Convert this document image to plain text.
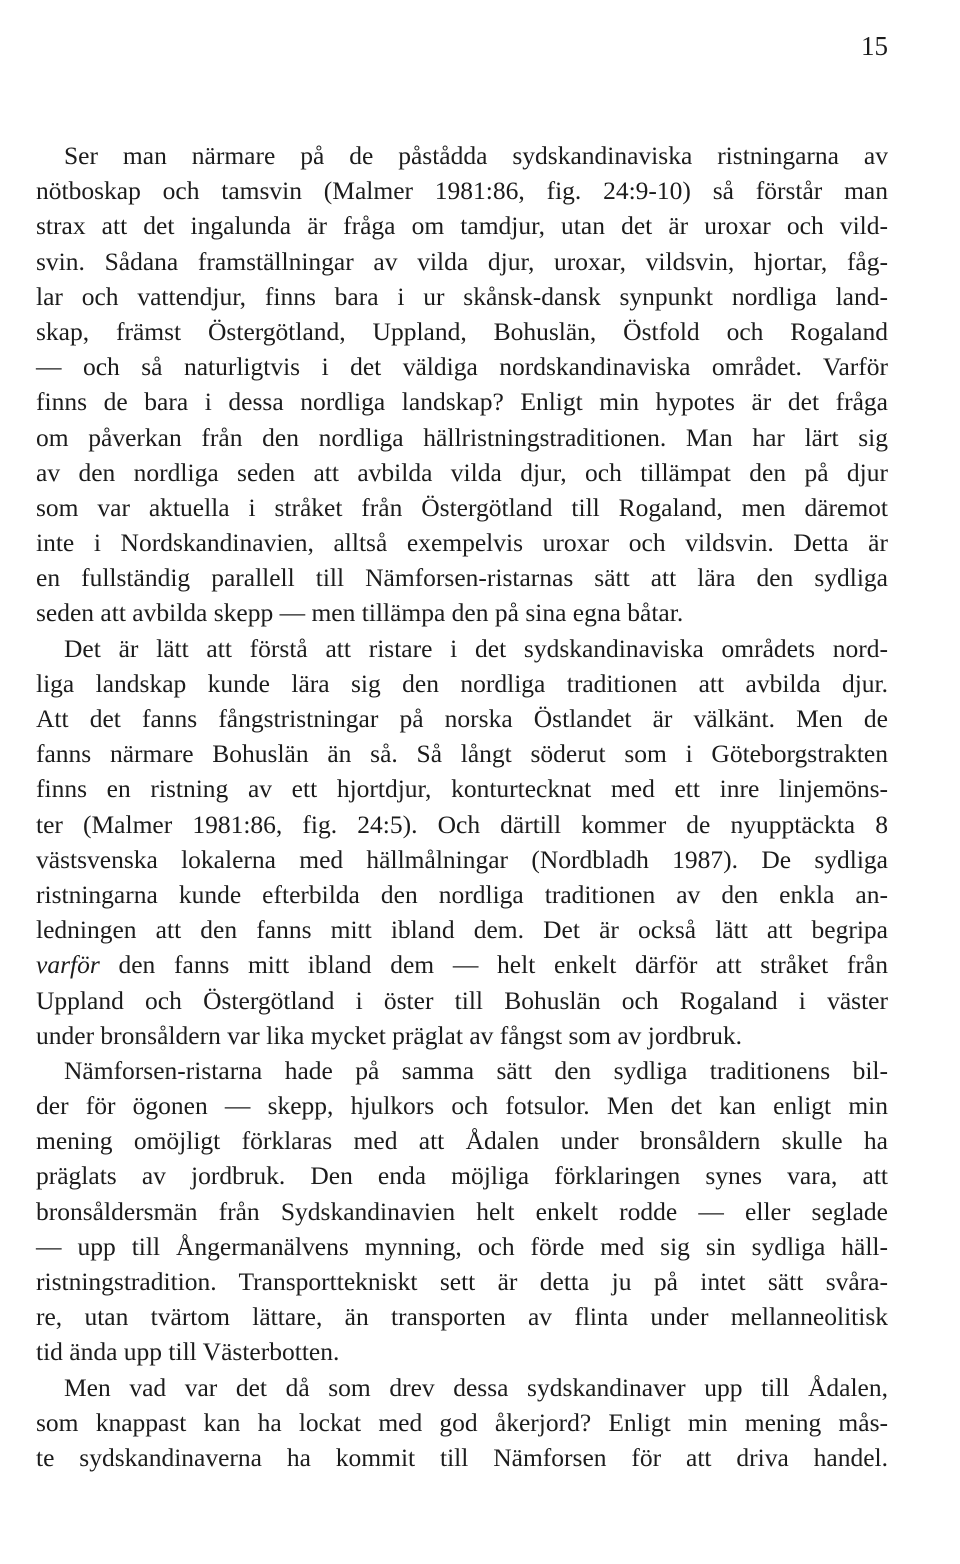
15
Ser man närmare på de påstådda sydskandinaviska ristningarna av
nötboskap och tamsvin (Malmer 1981:86, fig. 24:9-10) så förstår man
strax att det ingalunda är fråga om tamdjur, utan det är uroxar och vild-
svin. Sådana framställningar av vilda djur, uroxar, vildsvin, hjortar, fåg-
lar och vattendjur, finns bara i ur skånsk-dansk synpunkt nordliga land-
skap, främst Östergötland, Uppland, Bohuslän, Östfold och Rogaland
— och så naturligtvis i det väldiga nordskandinaviska området. Varför
finns de bara i dessa nordliga landskap? Enligt min hypotes är det fråga
om påverkan från den nordliga hällristningstraditionen. Man har lärt sig
av den nordliga seden att avbilda vilda djur, och tillämpat den på djur
som var aktuella i stråket från Östergötland till Rogaland, men däremot
inte i Nordskandinavien, alltså exempelvis uroxar och vildsvin. Detta är
en fullständig parallell till Nämforsen-ristarnas sätt att lära den sydliga
seden att avbilda skepp — men tillämpa den på sina egna båtar.
Det är lätt att förstå att ristare i det sydskandinaviska områdets nord-
liga landskap kunde lära sig den nordliga traditionen att avbilda djur.
Att det fanns fångstristningar på norska Östlandet är välkänt. Men de
fanns närmare Bohuslän än så. Så långt söderut som i Göteborgstrakten
finns en ristning av ett hjortdjur, konturtecknat med ett inre linjemöns-
ter (Malmer 1981:86, fig. 24:5). Och därtill kommer de nyupptäckta 8
västsvenska lokalerna med hällmålningar (Nordbladh 1987). De sydliga
ristningarna kunde efterbilda den nordliga traditionen av den enkla an-
ledningen att den fanns mitt ibland dem. Det är också lätt att begripa
varför den fanns mitt ibland dem — helt enkelt därför att stråket från
Uppland och Östergötland i öster till Bohuslän och Rogaland i väster
under bronsåldern var lika mycket präglat av fångst som av jordbruk.
Nämforsen-ristarna hade på samma sätt den sydliga traditionens bil-
der för ögonen — skepp, hjulkors och fotsulor. Men det kan enligt min
mening omöjligt förklaras med att Ådalen under bronsåldern skulle ha
präglats av jordbruk. Den enda möjliga förklaringen synes vara, att
bronsåldersmän från Sydskandinavien helt enkelt rodde — eller seglade
— upp till Ångermanälvens mynning, och förde med sig sin sydliga häll-
ristningstradition. Transporttekniskt sett är detta ju på intet sätt svåra-
re, utan tvärtom lättare, än transporten av flinta under mellanneolitisk
tid ända upp till Västerbotten.
Men vad var det då som drev dessa sydskandinaver upp till Ådalen,
som knappast kan ha lockat med god åkerjord? Enligt min mening mås-
te sydskandinaverna ha kommit till Nämforsen för att driva handel.
